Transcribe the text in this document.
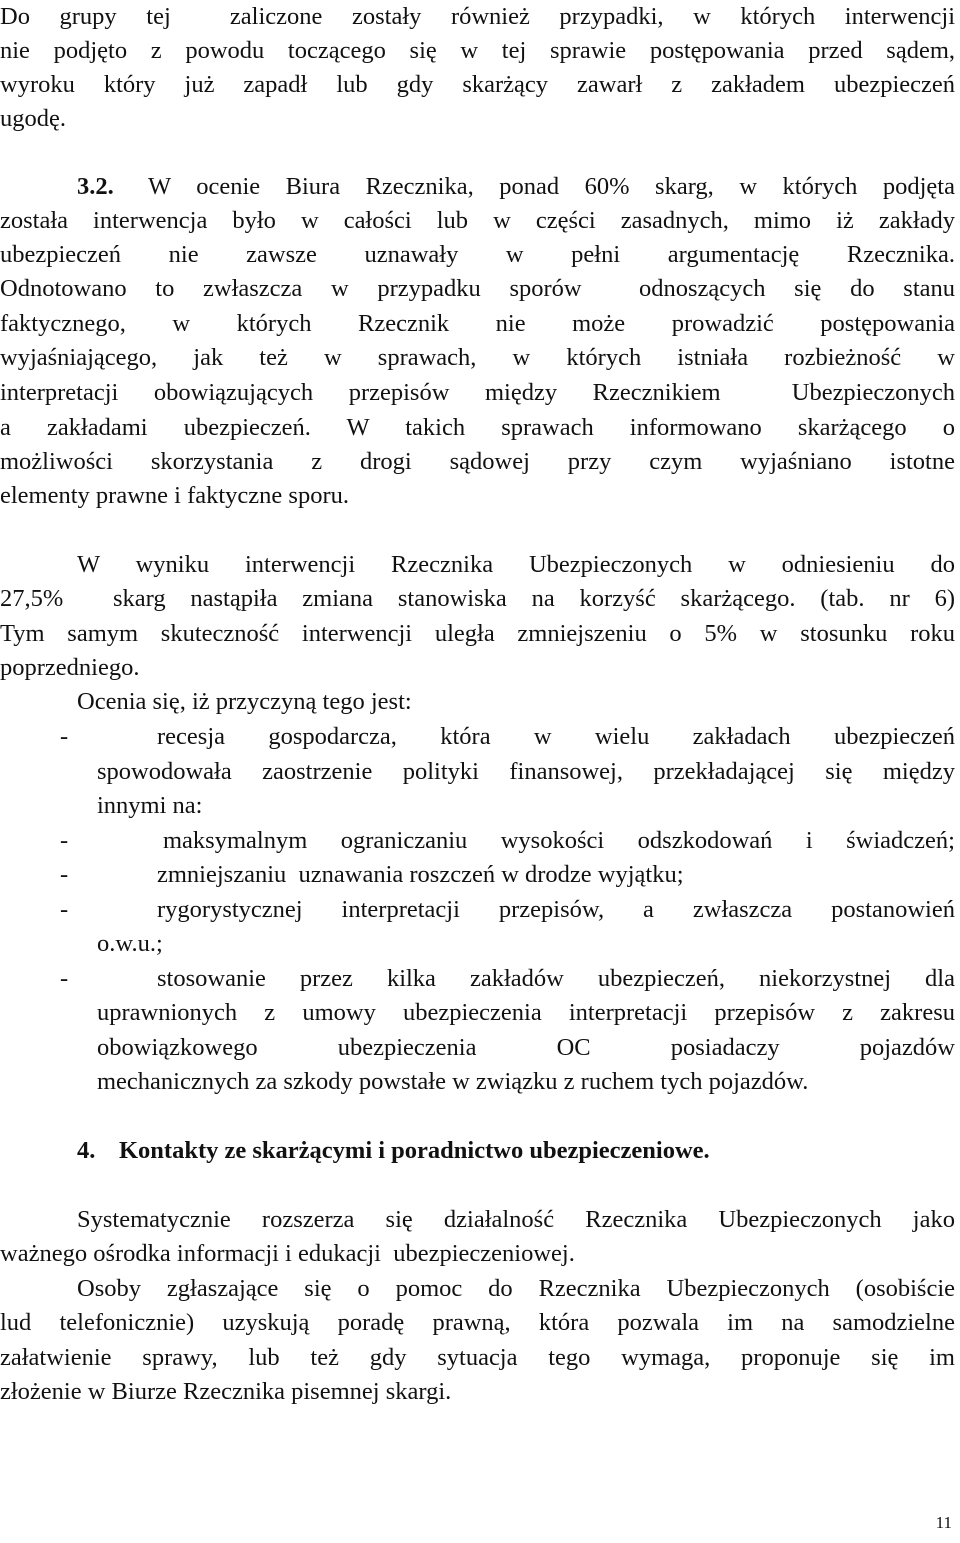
Do grupy tej  zaliczone zostały również przypadki, w których interwencji
nie podjęto z powodu toczącego się w tej sprawie postępowania przed sądem,
wyroku który już zapadł lub gdy skarżący zawarł z zakładem ubezpieczeń
ugodę.
3.2. W ocenie Biura Rzecznika, ponad 60% skarg, w których podjęta
została interwencja było w całości lub w części zasadnych, mimo iż zakłady
ubezpieczeń nie zawsze uznawały w pełni argumentację Rzecznika.
Odnotowano to zwłaszcza w przypadku sporów  odnoszących się do stanu
faktycznego, w których Rzecznik nie może prowadzić postępowania
wyjaśniającego, jak też w sprawach, w których istniała rozbieżność w
interpretacji obowiązujących przepisów między Rzecznikiem  Ubezpieczonych
a zakładami ubezpieczeń. W takich sprawach informowano skarżącego o
możliwości skorzystania z drogi sądowej przy czym wyjaśniano istotne
elementy prawne i faktyczne sporu.
W wyniku interwencji Rzecznika Ubezpieczonych w odniesieniu do
27,5%  skarg nastąpiła zmiana stanowiska na korzyść skarżącego. (tab. nr 6)
Tym samym skuteczność interwencji uległa zmniejszeniu o 5% w stosunku roku
poprzedniego.
Ocenia się, iż przyczyną tego jest:
-	recesja gospodarcza, która w wielu zakładach ubezpieczeń
spowodowała zaostrzenie polityki finansowej, przekładającej się między
innymi na:
-	maksymalnym ograniczaniu wysokości odszkodowań i świadczeń;
-	zmniejszaniu  uznawania roszczeń w drodze wyjątku;
-	rygorystycznej interpretacji przepisów, a zwłaszcza postanowień
o.w.u.;
-	stosowanie przez kilka zakładów ubezpieczeń, niekorzystnej dla
uprawnionych z umowy ubezpieczenia interpretacji przepisów z zakresu
obowiązkowego ubezpieczenia OC posiadaczy pojazdów
mechanicznych za szkody powstałe w związku z ruchem tych pojazdów.
4. Kontakty ze skarżącymi i poradnictwo ubezpieczeniowe.
Systematycznie rozszerza się działalność Rzecznika Ubezpieczonych jako
ważnego ośrodka informacji i edukacji  ubezpieczeniowej.
Osoby zgłaszające się o pomoc do Rzecznika Ubezpieczonych (osobiście
lud telefonicznie) uzyskują poradę prawną, która pozwala im na samodzielne
załatwienie sprawy, lub też gdy sytuacja tego wymaga, proponuje się im
złożenie w Biurze Rzecznika pisemnej skargi.
11
